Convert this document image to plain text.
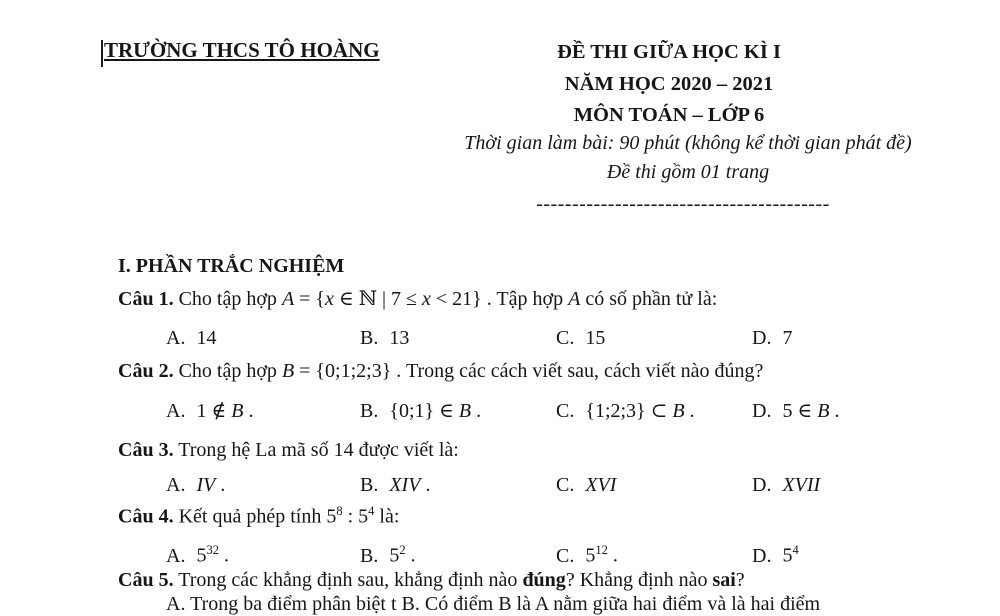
TRƯỜNG THCS TÔ HOÀNG	ĐỀ THI GIỮA HỌC KÌ I
NĂM HỌC 2020 – 2021
MÔN TOÁN – LỚP 6
Thời gian làm bài: 90 phút (không kể thời gian phát đề)
Đề thi gồm 01 trang
-----------------------------------------
I. PHẦN TRẮC NGHIỆM
Câu 1. Cho tập hợp A = {x ∈ ℕ | 7 ≤ x < 21} . Tập hợp A có số phần tử là:
A. 14	B. 13	C. 15	D. 7
Câu 2. Cho tập hợp B = {0;1;2;3} . Trong các cách viết sau, cách viết nào đúng?
A. 1 ∉ B .	B. {0;1} ∈ B .	C. {1;2;3} ⊂ B .	D. 5 ∈ B .
Câu 3. Trong hệ La mã số 14 được viết là:
A. IV .	B. XIV .	C. XVI	D. XVII
Câu 4. Kết quả phép tính $5^8$ : $5^4$ là:
A. $5^{32}$ .	B. $5^2$ .	C. $5^{12}$ .	D. $5^4$
Câu 5. Trong các khẳng định sau, khẳng định nào đúng? Khẳng định nào sai?
A. Trong ba điểm phân biệt t B. Có điểm B là A nằm giữa hai điểm và là hai điểm
